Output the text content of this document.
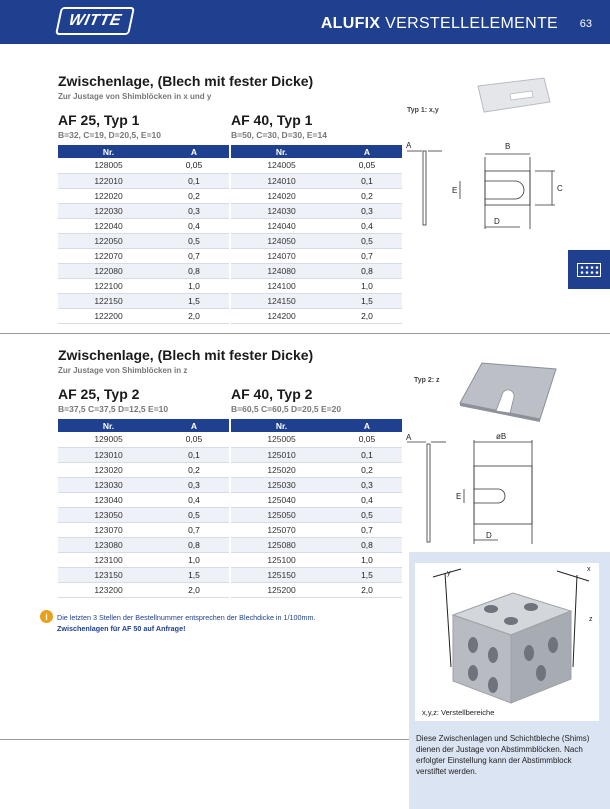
WITTE	ALUFIX VERSTELLELEMENTE 63
Zwischenlage, (Blech mit fester Dicke)
Zur Justage von Shimblöcken in x und y
AF 25, Typ 1
B=32, C=19, D=20,5, E=10
AF 40, Typ 1
B=50, C=30, D=30, E=14
Nr.	A
128005	0,05
122010	0,1
122020	0,2
122030	0,3
122040	0,4
122050	0,5
122070	0,7
122080	0,8
122100	1,0
122150	1,5
122200	2,0
Nr.	A
124005	0,05
124010	0,1
124020	0,2
124030	0,3
124040	0,4
124050	0,5
124070	0,7
124080	0,8
124100	1,0
124150	1,5
124200	2,0
Typ 1: x,y
A	B
C
D
E
Zwischenlage, (Blech mit fester Dicke)
Zur Justage von Shimblöcken in z
AF 25, Typ 2
B=37,5 C=37,5 D=12,5 E=10
AF 40, Typ 2
B=60,5 C=60,5 D=20,5 E=20
Nr.	A
129005	0,05
123010	0,1
123020	0,2
123030	0,3
123040	0,4
123050	0,5
123070	0,7
123080	0,8
123100	1,0
123150	1,5
123200	2,0
Nr.	A
125005	0,05
125010	0,1
125020	0,2
125030	0,3
125040	0,4
125050	0,5
125070	0,7
125080	0,8
125100	1,0
125150	1,5
125200	2,0
Typ 2: z
A	øB
D
E
i	Die letzten 3 Stellen der Bestellnummer entsprechen der Blechdicke in 1/100mm.
Zwischenlagen für AF 50 auf Anfrage!
y
x
z
x,y,z: Verstellbereiche
Diese Zwischenlagen und Schichtbleche (Shims) dienen der Justage von Abstimmblöcken. Nach erfolgter Einstellung kann der Abstimmblock verstiftet werden.
